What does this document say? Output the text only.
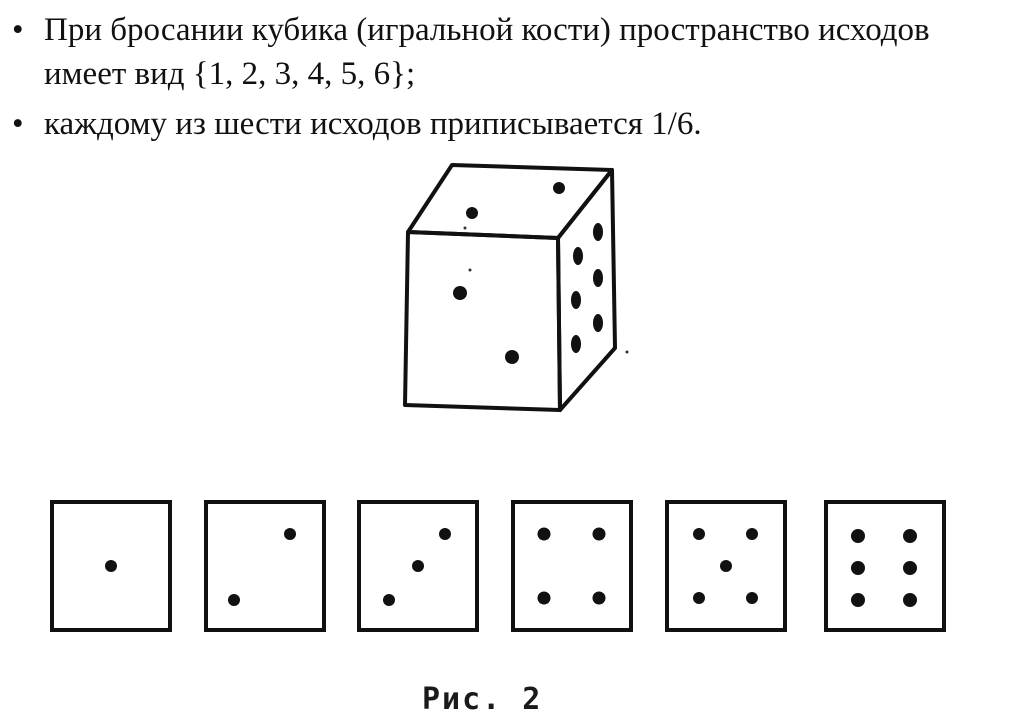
• При бросании кубика (игральной кости) пространство исходов имеет вид {1, 2, 3, 4, 5, 6};
• каждому из шести исходов приписывается 1/6.
Рис. 2
